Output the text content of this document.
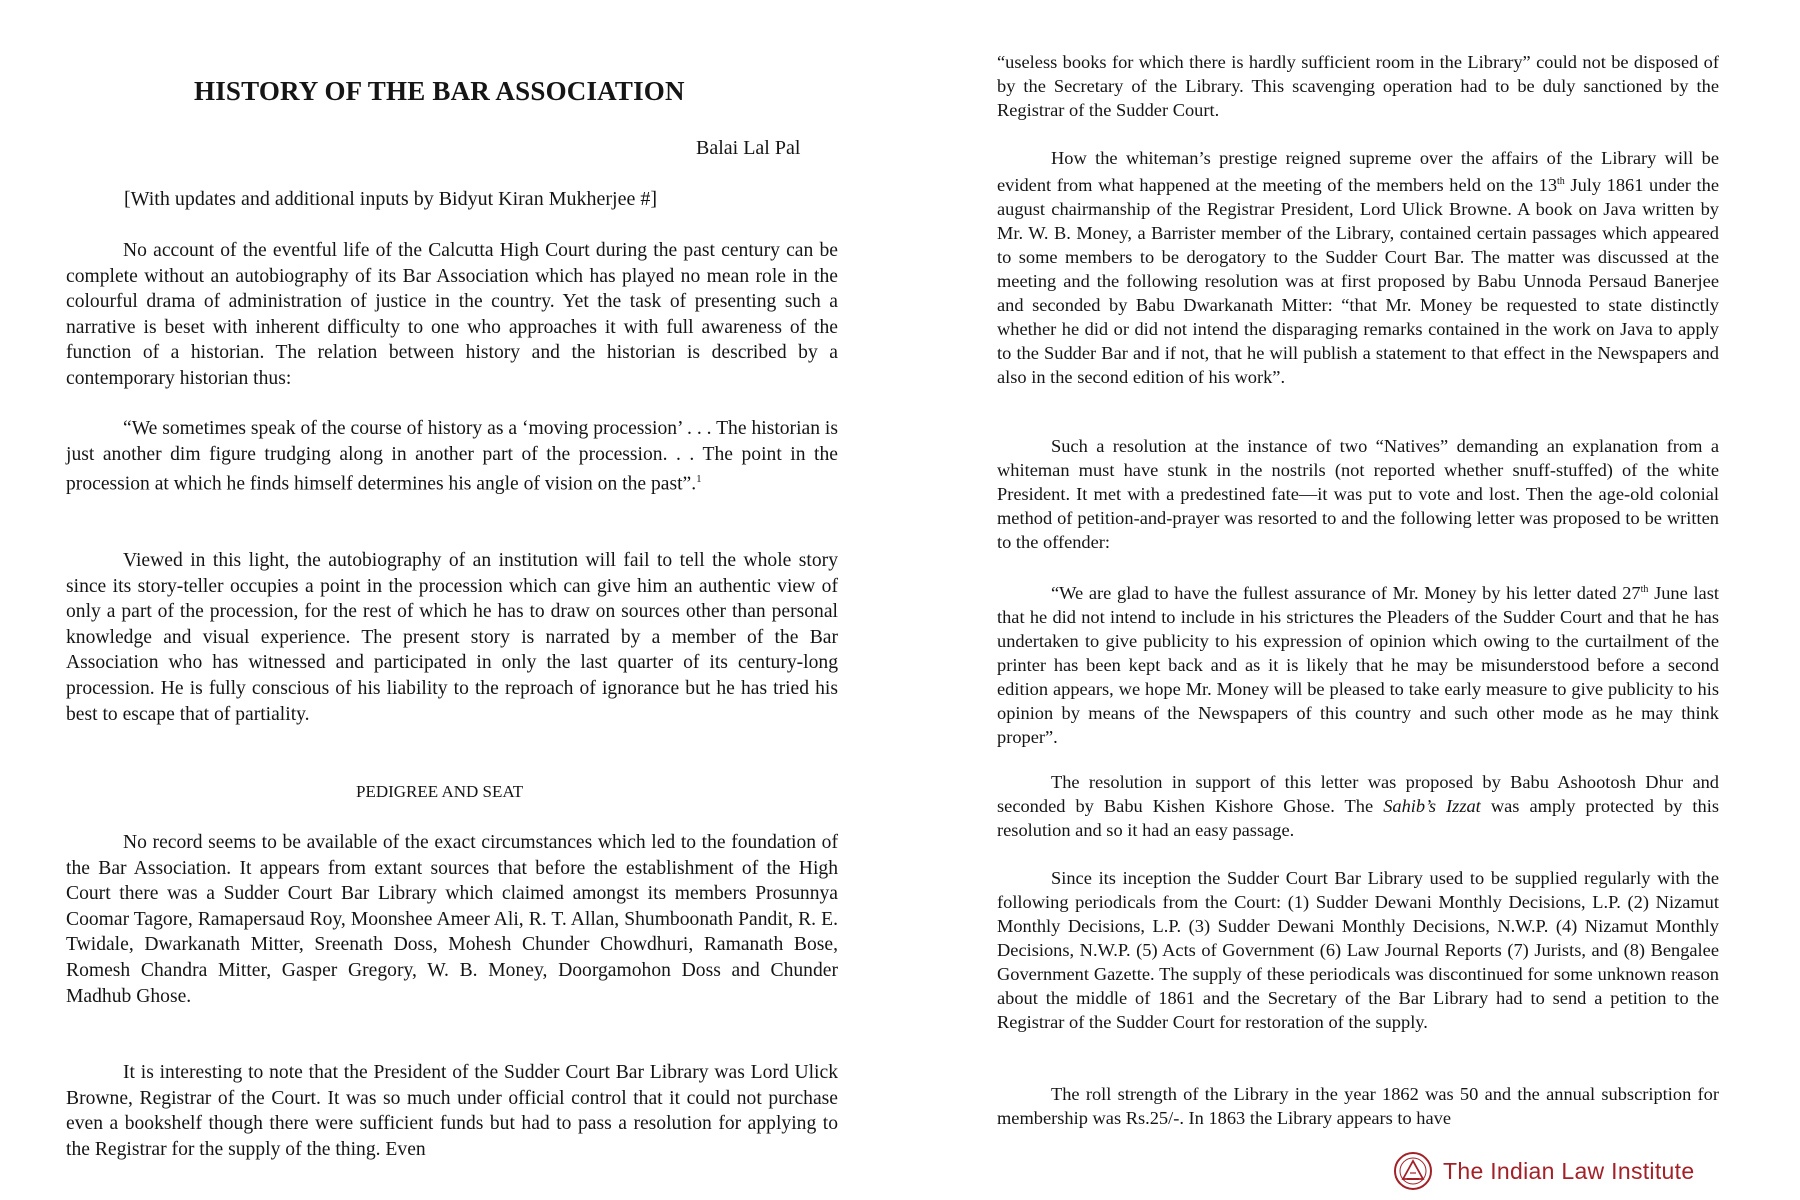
HISTORY OF THE BAR ASSOCIATION
Balai Lal Pal
[With updates and additional inputs by Bidyut Kiran Mukherjee #]

No account of the eventful life of the Calcutta High Court during the past century can be complete without an autobiography of its Bar Association which has played no mean role in the colourful drama of administration of justice in the country. Yet the task of presenting such a narrative is beset with inherent difficulty to one who approaches it with full awareness of the function of a historian. The relation between history and the historian is described by a contemporary historian thus:

“We sometimes speak of the course of history as a ‘moving procession’ . . . The historian is just another dim figure trudging along in another part of the procession. . . The point in the procession at which he finds himself determines his angle of vision on the past”.$^1$

Viewed in this light, the autobiography of an institution will fail to tell the whole story since its story-teller occupies a point in the procession which can give him an authentic view of only a part of the procession, for the rest of which he has to draw on sources other than personal knowledge and visual experience. The present story is narrated by a member of the Bar Association who has witnessed and participated in only the last quarter of its century-long procession. He is fully conscious of his liability to the reproach of ignorance but he has tried his best to escape that of partiality.

PEDIGREE AND SEAT

No record seems to be available of the exact circumstances which led to the foundation of the Bar Association. It appears from extant sources that before the establishment of the High Court there was a Sudder Court Bar Library which claimed amongst its members Prosunnya Coomar Tagore, Ramapersaud Roy, Moonshee Ameer Ali, R. T. Allan, Shumboonath Pandit, R. E. Twidale, Dwarkanath Mitter, Sreenath Doss, Mohesh Chunder Chowdhuri, Ramanath Bose, Romesh Chandra Mitter, Gasper Gregory, W. B. Money, Doorgamohon Doss and Chunder Madhub Ghose.

It is interesting to note that the President of the Sudder Court Bar Library was Lord Ulick Browne, Registrar of the Court. It was so much under official control that it could not purchase even a bookshelf though there were sufficient funds but had to pass a resolution for applying to the Registrar for the supply of the thing. Even

“useless books for which there is hardly sufficient room in the Library” could not be disposed of by the Secretary of the Library. This scavenging operation had to be duly sanctioned by the Registrar of the Sudder Court.

How the whiteman’s prestige reigned supreme over the affairs of the Library will be evident from what happened at the meeting of the members held on the 13th July 1861 under the august chairmanship of the Registrar President, Lord Ulick Browne. A book on Java written by Mr. W. B. Money, a Barrister member of the Library, contained certain passages which appeared to some members to be derogatory to the Sudder Court Bar. The matter was discussed at the meeting and the following resolution was at first proposed by Babu Unnoda Persaud Banerjee and seconded by Babu Dwarkanath Mitter: “that Mr. Money be requested to state distinctly whether he did or did not intend the disparaging remarks contained in the work on Java to apply to the Sudder Bar and if not, that he will publish a statement to that effect in the Newspapers and also in the second edition of his work”.

Such a resolution at the instance of two “Natives” demanding an explanation from a whiteman must have stunk in the nostrils (not reported whether snuff-stuffed) of the white President. It met with a predestined fate—it was put to vote and lost. Then the age-old colonial method of petition-and-prayer was resorted to and the following letter was proposed to be written to the offender:

“We are glad to have the fullest assurance of Mr. Money by his letter dated 27th June last that he did not intend to include in his strictures the Pleaders of the Sudder Court and that he has undertaken to give publicity to his expression of opinion which owing to the curtailment of the printer has been kept back and as it is likely that he may be misunderstood before a second edition appears, we hope Mr. Money will be pleased to take early measure to give publicity to his opinion by means of the Newspapers of this country and such other mode as he may think proper”.

The resolution in support of this letter was proposed by Babu Ashootosh Dhur and seconded by Babu Kishen Kishore Ghose. The Sahib’s Izzat was amply protected by this resolution and so it had an easy passage.

Since its inception the Sudder Court Bar Library used to be supplied regularly with the following periodicals from the Court: (1) Sudder Dewani Monthly Decisions, L.P. (2) Nizamut Monthly Decisions, L.P. (3) Sudder Dewani Monthly Decisions, N.W.P. (4) Nizamut Monthly Decisions, N.W.P. (5) Acts of Government (6) Law Journal Reports (7) Jurists, and (8) Bengalee Government Gazette. The supply of these periodicals was discontinued for some unknown reason about the middle of 1861 and the Secretary of the Bar Library had to send a petition to the Registrar of the Sudder Court for restoration of the supply.

The roll strength of the Library in the year 1862 was 50 and the annual subscription for membership was Rs.25/-. In 1863 the Library appears to have

The Indian Law Institute
